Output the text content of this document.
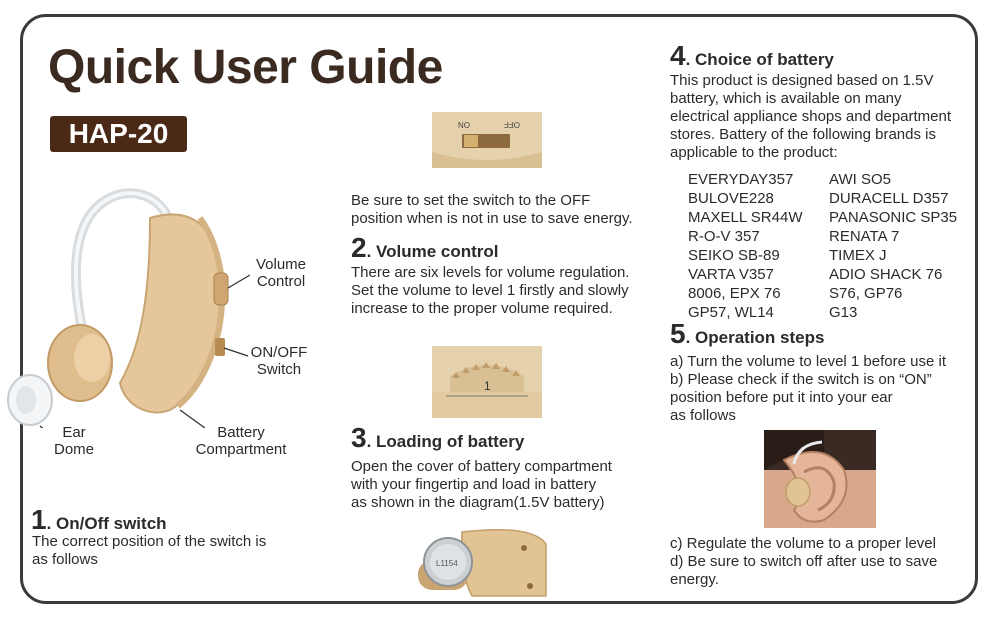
Quick User Guide
HAP-20
Volume
Control
ON/OFF
Switch
Ear
Dome
Battery
Compartment
1. On/Off switch
The correct position of the switch is
as follows
ON	OFF
Be sure to set the switch to the OFF
position when is not in use to save energy.
2. Volume control
There are six levels for volume regulation.
Set the volume to level 1 firstly and slowly
increase to the proper volume required.
1
3. Loading of battery
Open the cover of battery compartment
with your fingertip and load in battery
as shown in the diagram(1.5V battery)
L1154
4. Choice of battery
This product is designed based on 1.5V
battery, which is available on many
electrical appliance shops and department
stores. Battery of the following brands is
applicable to the product:
EVERYDAY357
BULOVE228
MAXELL SR44W
R-O-V 357
SEIKO SB-89
VARTA V357
8006, EPX 76
GP57, WL14
AWI SO5
DURACELL D357
PANASONIC SP35
RENATA 7
TIMEX J
ADIO SHACK 76
S76, GP76
G13
5. Operation steps
a) Turn the volume to level 1 before use it
b) Please check if the switch is on “ON”
position before put it into your ear
as follows
c) Regulate the volume to a proper level
d) Be sure to switch off after use to save
energy.
